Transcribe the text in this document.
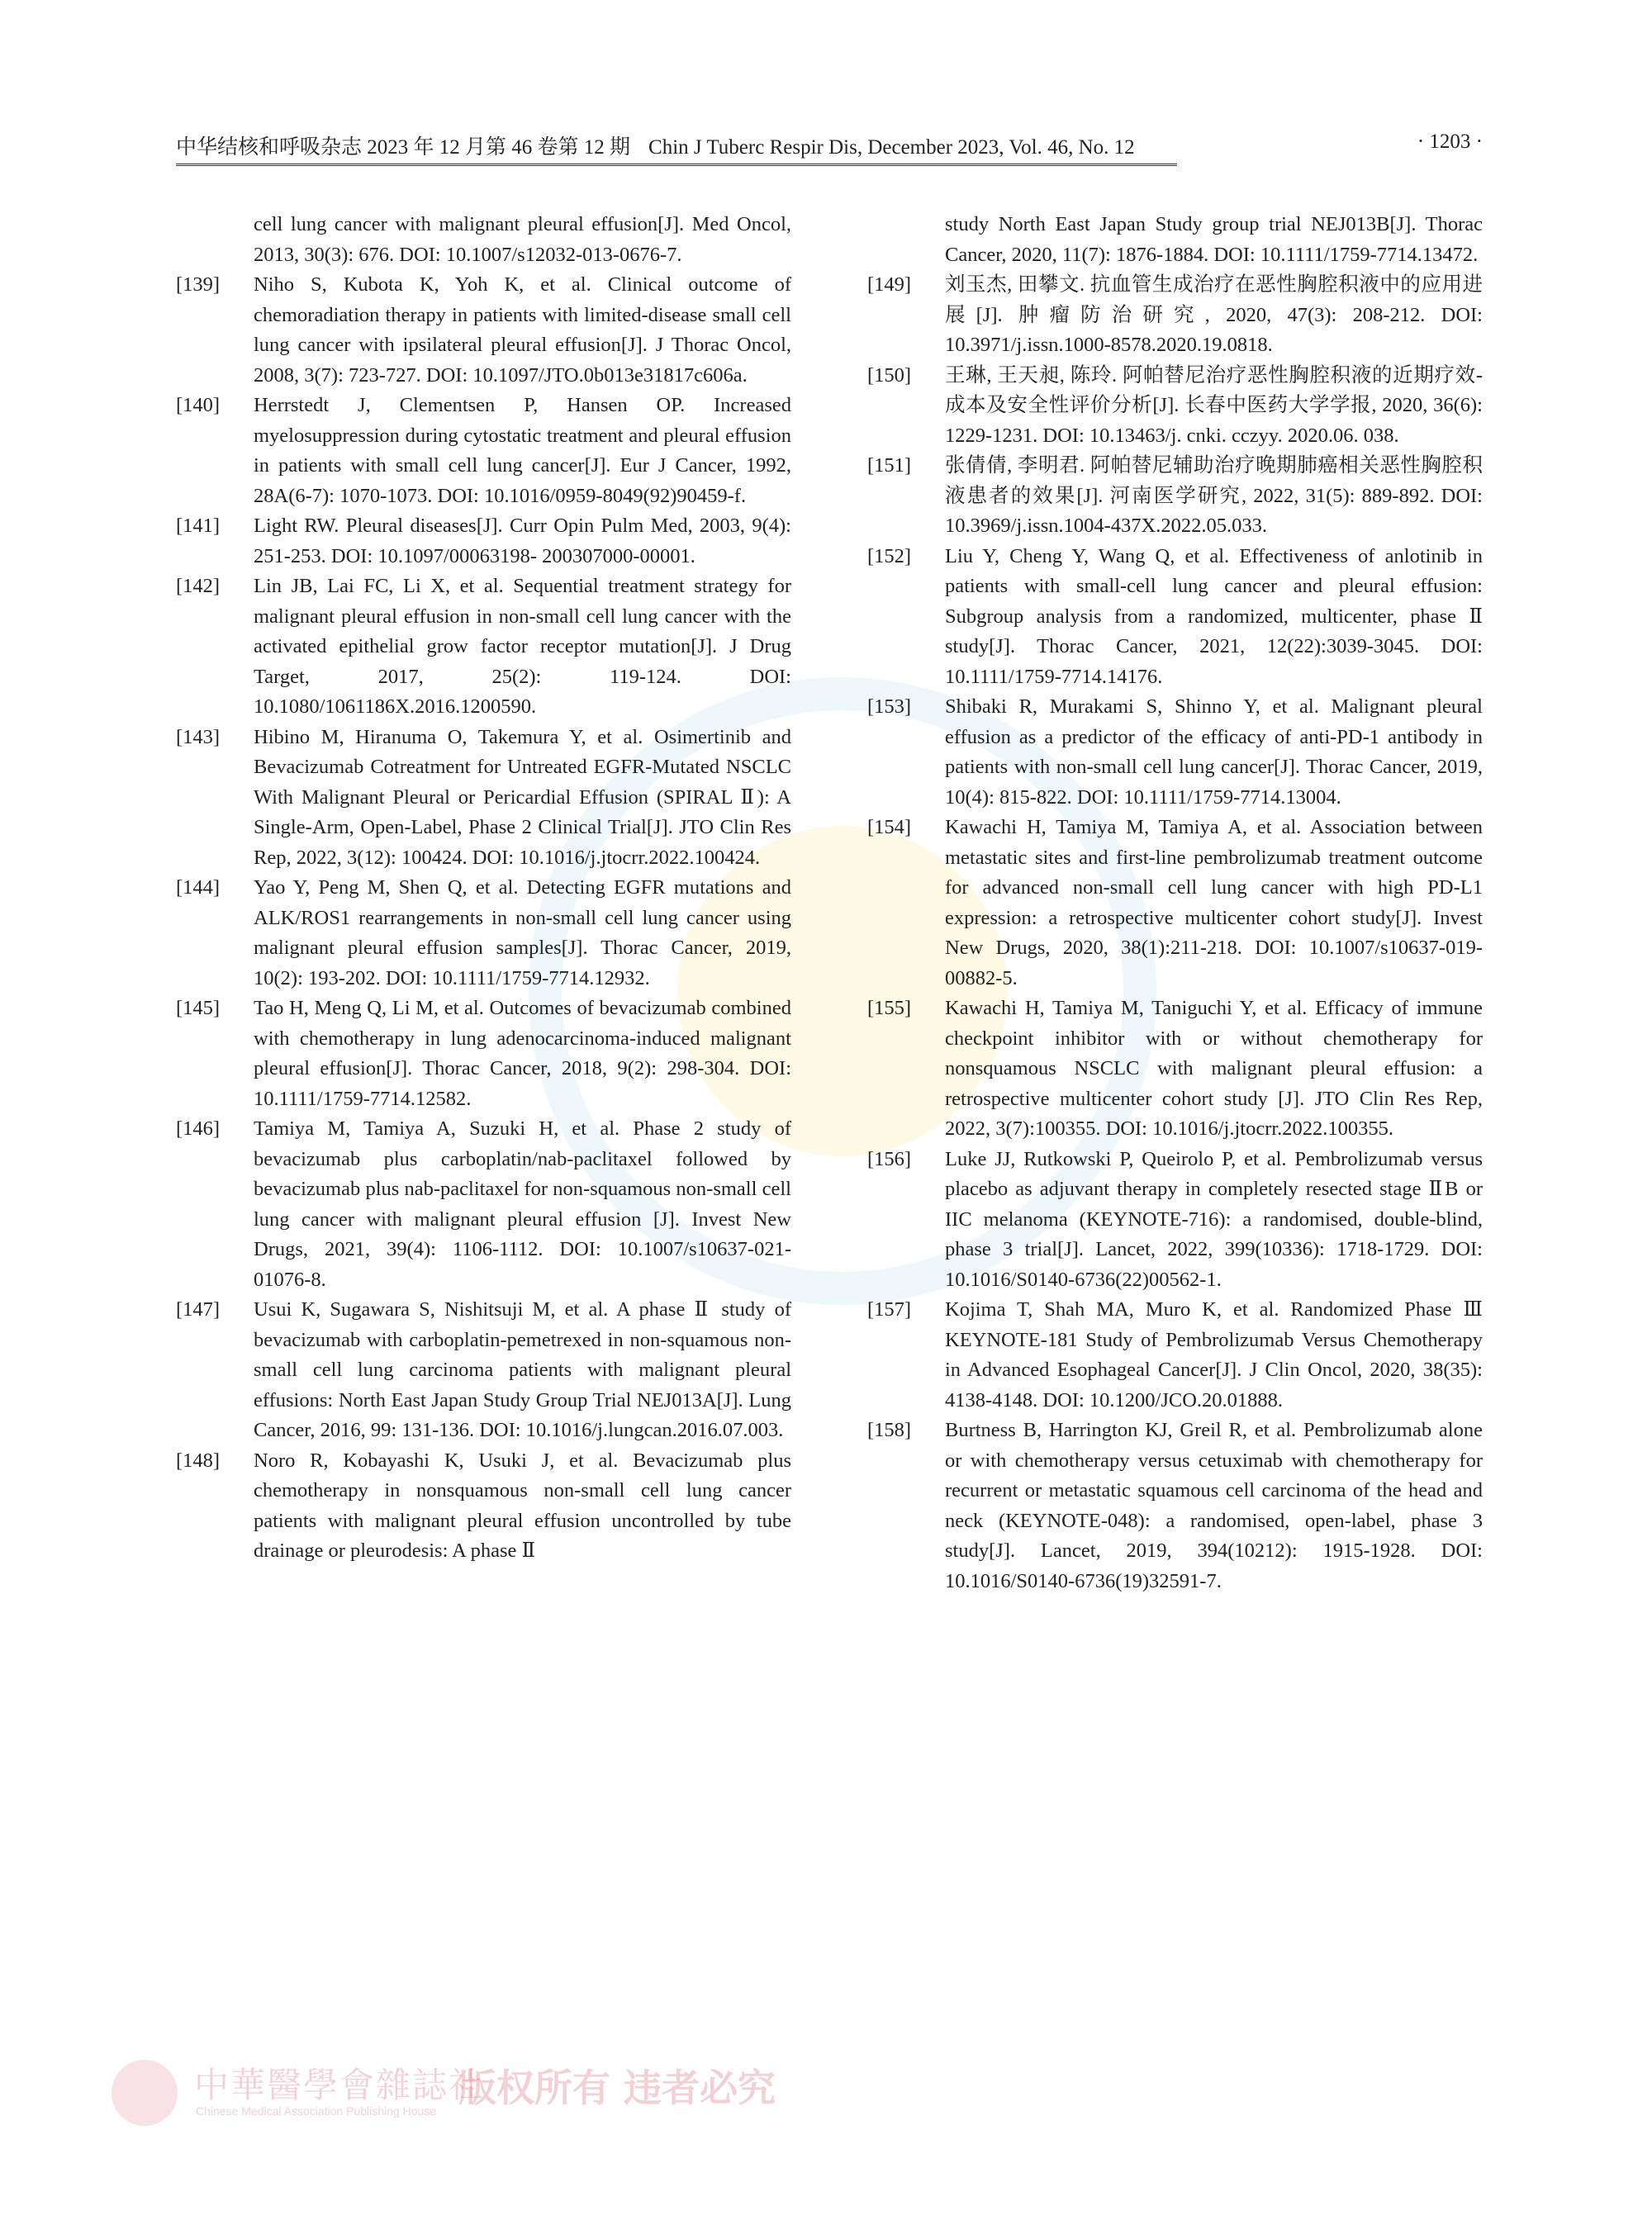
中华结核和呼吸杂志 2023 年 12 月第 46 卷第 12 期 Chin J Tuberc Respir Dis, December 2023, Vol. 46, No. 12	· 1203 ·
cell lung cancer with malignant pleural effusion[J]. Med Oncol, 2013, 30(3): 676. DOI: 10.1007/s12032-013-0676-7.
[139] Niho S, Kubota K, Yoh K, et al. Clinical outcome of chemoradiation therapy in patients with limited-disease small cell lung cancer with ipsilateral pleural effusion[J]. J Thorac Oncol, 2008, 3(7): 723-727. DOI: 10.1097/JTO.0b013e31817c606a.
[140] Herrstedt J, Clementsen P, Hansen OP. Increased myelosuppression during cytostatic treatment and pleural effusion in patients with small cell lung cancer[J]. Eur J Cancer, 1992, 28A(6-7): 1070-1073. DOI: 10.1016/0959-8049(92)90459-f.
[141] Light RW. Pleural diseases[J]. Curr Opin Pulm Med, 2003, 9(4): 251-253. DOI: 10.1097/00063198- 200307000-00001.
[142] Lin JB, Lai FC, Li X, et al. Sequential treatment strategy for malignant pleural effusion in non-small cell lung cancer with the activated epithelial grow factor receptor mutation[J]. J Drug Target, 2017, 25(2): 119-124. DOI: 10.1080/1061186X.2016.1200590.
[143] Hibino M, Hiranuma O, Takemura Y, et al. Osimertinib and Bevacizumab Cotreatment for Untreated EGFR-Mutated NSCLC With Malignant Pleural or Pericardial Effusion (SPIRAL Ⅱ): A Single-Arm, Open-Label, Phase 2 Clinical Trial[J]. JTO Clin Res Rep, 2022, 3(12): 100424. DOI: 10.1016/j.jtocrr.2022.100424.
[144] Yao Y, Peng M, Shen Q, et al. Detecting EGFR mutations and ALK/ROS1 rearrangements in non-small cell lung cancer using malignant pleural effusion samples[J]. Thorac Cancer, 2019, 10(2): 193-202. DOI: 10.1111/1759-7714.12932.
[145] Tao H, Meng Q, Li M, et al. Outcomes of bevacizumab combined with chemotherapy in lung adenocarcinoma-induced malignant pleural effusion[J]. Thorac Cancer, 2018, 9(2): 298-304. DOI: 10.1111/1759-7714.12582.
[146] Tamiya M, Tamiya A, Suzuki H, et al. Phase 2 study of bevacizumab plus carboplatin/nab-paclitaxel followed by bevacizumab plus nab-paclitaxel for non-squamous non-small cell lung cancer with malignant pleural effusion [J]. Invest New Drugs, 2021, 39(4): 1106-1112. DOI: 10.1007/s10637-021-01076-8.
[147] Usui K, Sugawara S, Nishitsuji M, et al. A phase Ⅱ study of bevacizumab with carboplatin-pemetrexed in non-squamous non-small cell lung carcinoma patients with malignant pleural effusions: North East Japan Study Group Trial NEJ013A[J]. Lung Cancer, 2016, 99: 131-136. DOI: 10.1016/j.lungcan.2016.07.003.
[148] Noro R, Kobayashi K, Usuki J, et al. Bevacizumab plus chemotherapy in nonsquamous non-small cell lung cancer patients with malignant pleural effusion uncontrolled by tube drainage or pleurodesis: A phase Ⅱ
study North East Japan Study group trial NEJ013B[J]. Thorac Cancer, 2020, 11(7): 1876-1884. DOI: 10.1111/1759-7714.13472.
[149] 刘玉杰, 田攀文. 抗血管生成治疗在恶性胸腔积液中的应用进展[J]. 肿瘤防治研究, 2020, 47(3): 208-212. DOI: 10.3971/j.issn.1000-8578.2020.19.0818.
[150] 王琳, 王天昶, 陈玲. 阿帕替尼治疗恶性胸腔积液的近期疗效-成本及安全性评价分析[J]. 长春中医药大学学报, 2020, 36(6): 1229-1231. DOI: 10.13463/j. cnki. cczyy. 2020.06. 038.
[151] 张倩倩, 李明君. 阿帕替尼辅助治疗晚期肺癌相关恶性胸腔积液患者的效果[J]. 河南医学研究, 2022, 31(5): 889-892. DOI: 10.3969/j.issn.1004-437X.2022.05.033.
[152] Liu Y, Cheng Y, Wang Q, et al. Effectiveness of anlotinib in patients with small-cell lung cancer and pleural effusion: Subgroup analysis from a randomized, multicenter, phase Ⅱ study[J]. Thorac Cancer, 2021, 12(22):3039-3045. DOI: 10.1111/1759-7714.14176.
[153] Shibaki R, Murakami S, Shinno Y, et al. Malignant pleural effusion as a predictor of the efficacy of anti-PD-1 antibody in patients with non-small cell lung cancer[J]. Thorac Cancer, 2019, 10(4): 815-822. DOI: 10.1111/1759-7714.13004.
[154] Kawachi H, Tamiya M, Tamiya A, et al. Association between metastatic sites and first-line pembrolizumab treatment outcome for advanced non-small cell lung cancer with high PD-L1 expression: a retrospective multicenter cohort study[J]. Invest New Drugs, 2020, 38(1):211-218. DOI: 10.1007/s10637-019-00882-5.
[155] Kawachi H, Tamiya M, Taniguchi Y, et al. Efficacy of immune checkpoint inhibitor with or without chemotherapy for nonsquamous NSCLC with malignant pleural effusion: a retrospective multicenter cohort study [J]. JTO Clin Res Rep, 2022, 3(7):100355. DOI: 10.1016/j.jtocrr.2022.100355.
[156] Luke JJ, Rutkowski P, Queirolo P, et al. Pembrolizumab versus placebo as adjuvant therapy in completely resected stage ⅡB or IIC melanoma (KEYNOTE-716): a randomised, double-blind, phase 3 trial[J]. Lancet, 2022, 399(10336): 1718-1729. DOI: 10.1016/S0140-6736(22)00562-1.
[157] Kojima T, Shah MA, Muro K, et al. Randomized Phase Ⅲ KEYNOTE-181 Study of Pembrolizumab Versus Chemotherapy in Advanced Esophageal Cancer[J]. J Clin Oncol, 2020, 38(35): 4138-4148. DOI: 10.1200/JCO.20.01888.
[158] Burtness B, Harrington KJ, Greil R, et al. Pembrolizumab alone or with chemotherapy versus cetuximab with chemotherapy for recurrent or metastatic squamous cell carcinoma of the head and neck (KEYNOTE-048): a randomised, open-label, phase 3 study[J]. Lancet, 2019, 394(10212): 1915-1928. DOI: 10.1016/S0140-6736(19)32591-7.
中華醫學會雜誌社
Chinese Medical Association Publishing House
版权所有 违者必究
